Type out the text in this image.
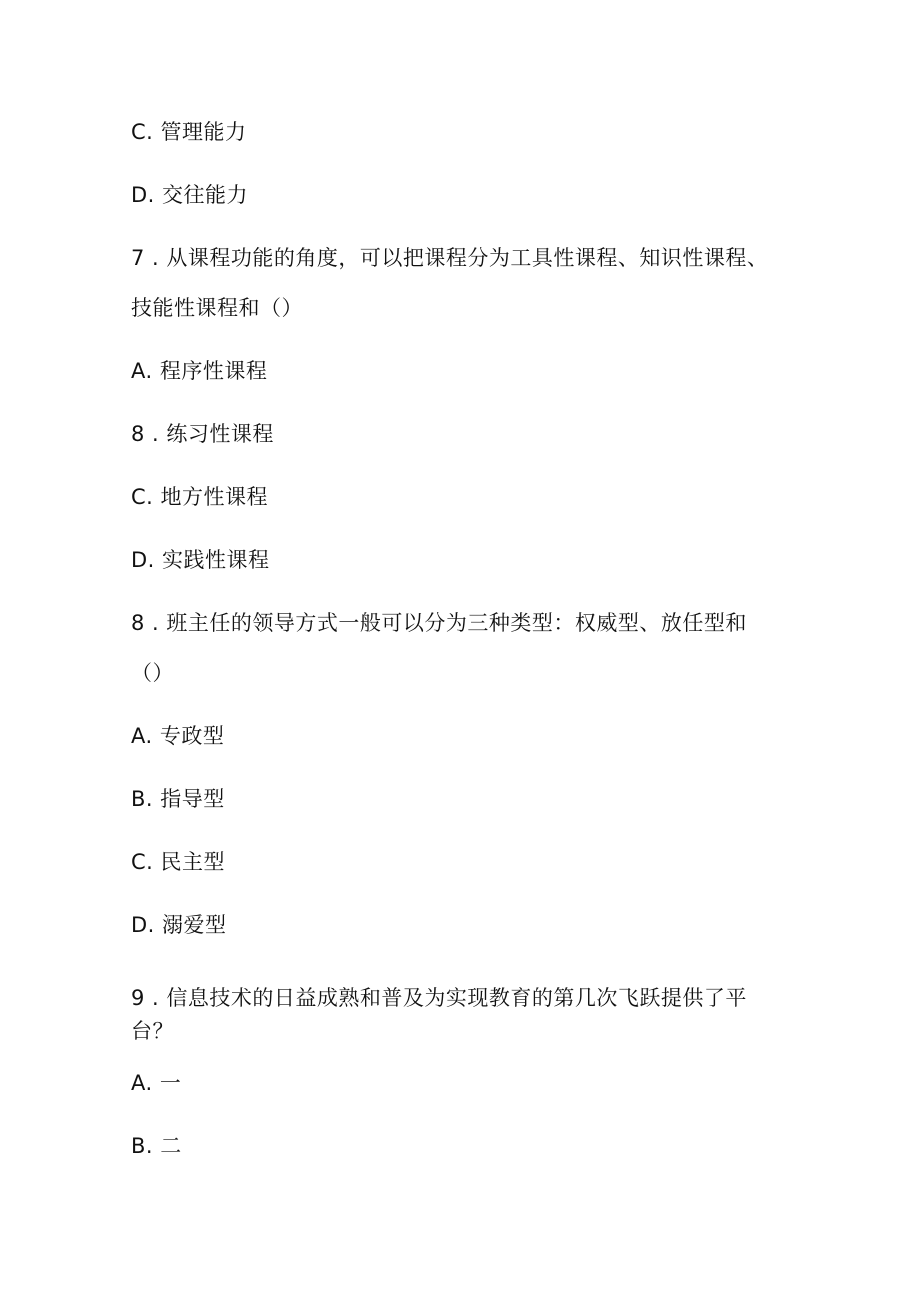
C. 管理能力
D. 交往能力
7 . 从课程功能的角度，可以把课程分为工具性课程、知识性课程、
技能性课程和（）
A. 程序性课程
8 . 练习性课程
C. 地方性课程
D. 实践性课程
8 . 班主任的领导方式一般可以分为三种类型：权威型、放任型和
（）
A. 专政型
B. 指导型
C. 民主型
D. 溺爱型
9 . 信息技术的日益成熟和普及为实现教育的第几次飞跃提供了平
台？
A. 一
B. 二
